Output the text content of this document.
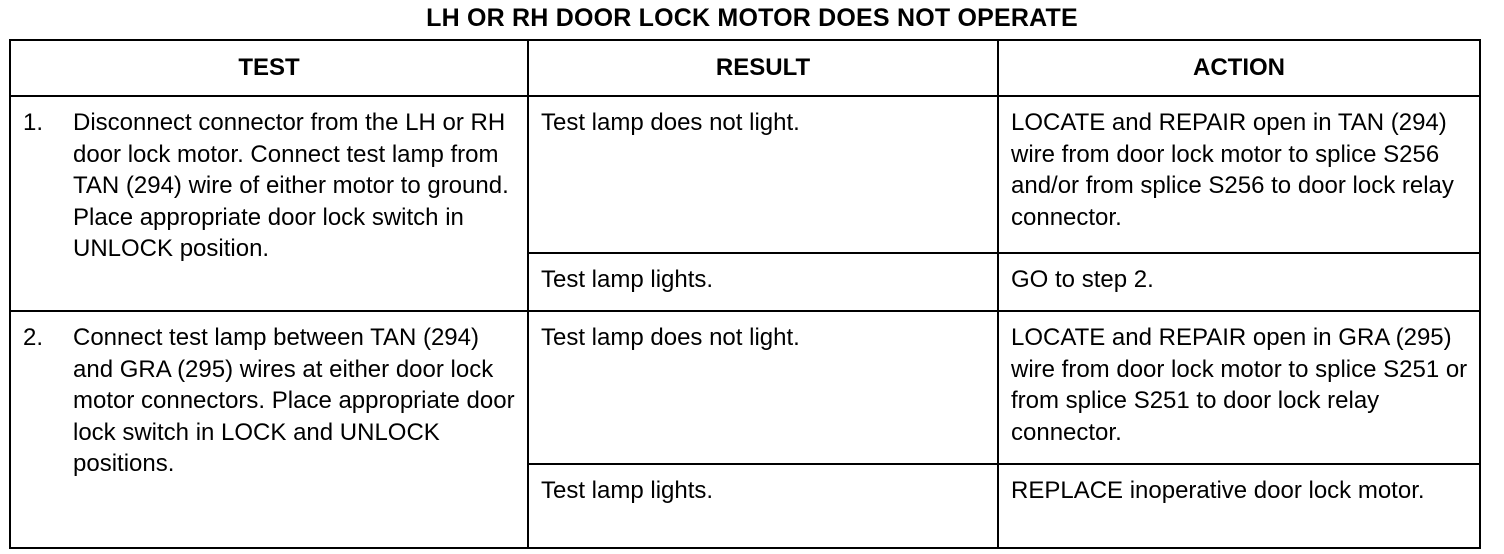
LH OR RH DOOR LOCK MOTOR DOES NOT OPERATE
TEST	RESULT	ACTION

1. Disconnect connector from the LH or RH door lock motor. Connect test lamp from TAN (294) wire of either motor to ground. Place appropriate door lock switch in UNLOCK position.	Test lamp does not light.	LOCATE and REPAIR open in TAN (294) wire from door lock motor to splice S256 and/or from splice S256 to door lock relay connector.
	Test lamp lights.	GO to step 2.

2. Connect test lamp between TAN (294) and GRA (295) wires at either door lock motor connectors. Place appropriate door lock switch in LOCK and UNLOCK positions.	Test lamp does not light.	LOCATE and REPAIR open in GRA (295) wire from door lock motor to splice S251 or from splice S251 to door lock relay connector.
	Test lamp lights.	REPLACE inoperative door lock motor.
